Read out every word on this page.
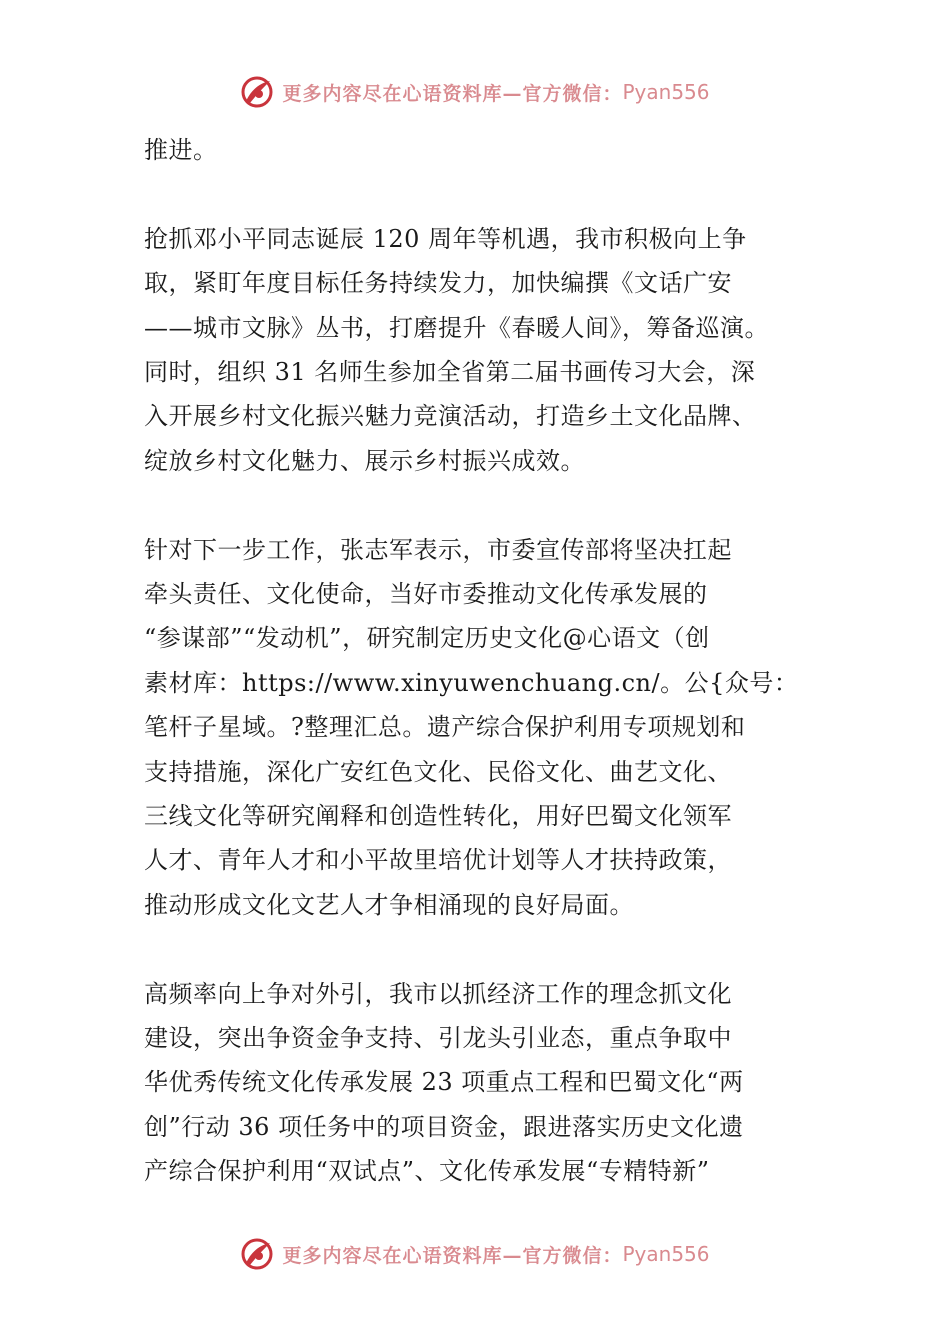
更多内容尽在心语资料库—官方微信： Pyan556
推进。
抢抓邓小平同志诞辰 120 周年等机遇，我市积极向上争
取，紧盯年度目标任务持续发力，加快编撰《文话广安
——城市文脉》丛书，打磨提升《春暖人间》，筹备巡演。
同时，组织 31 名师生参加全省第二届书画传习大会，深
入开展乡村文化振兴魅力竞演活动，打造乡土文化品牌、
绽放乡村文化魅力、展示乡村振兴成效。
针对下一步工作，张志军表示，市委宣传部将坚决扛起
牵头责任、文化使命，当好市委推动文化传承发展的
“参谋部”“发动机”，研究制定历史文化@心语文（创
素材库：https://www.xinyuwenchuang.cn/。公{众号：
笔杆子星域。?整理汇总。遗产综合保护利用专项规划和
支持措施，深化广安红色文化、民俗文化、曲艺文化、
三线文化等研究阐释和创造性转化，用好巴蜀文化领军
人才、青年人才和小平故里培优计划等人才扶持政策，
推动形成文化文艺人才争相涌现的良好局面。
高频率向上争对外引，我市以抓经济工作的理念抓文化
建设，突出争资金争支持、引龙头引业态，重点争取中
华优秀传统文化传承发展 23 项重点工程和巴蜀文化“两
创”行动 36 项任务中的项目资金，跟进落实历史文化遗
产综合保护利用“双试点”、文化传承发展“专精特新”
更多内容尽在心语资料库—官方微信： Pyan556
